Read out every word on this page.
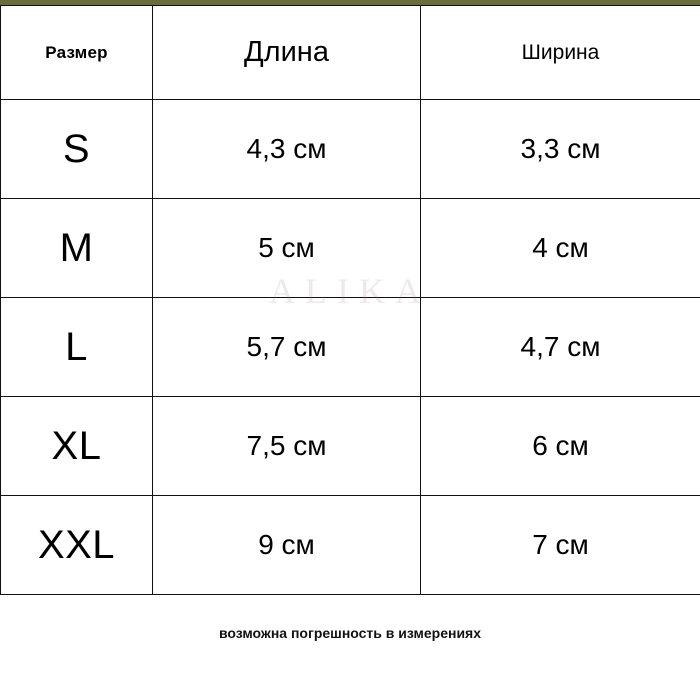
Размер	Длина	Ширина
S	4,3 см	3,3 см
M	5 см	4 см
L	5,7 см	4,7 см
XL	7,5 см	6 см
XXL	9 см	7 см
ALIKA
возможна погрешность в измерениях
